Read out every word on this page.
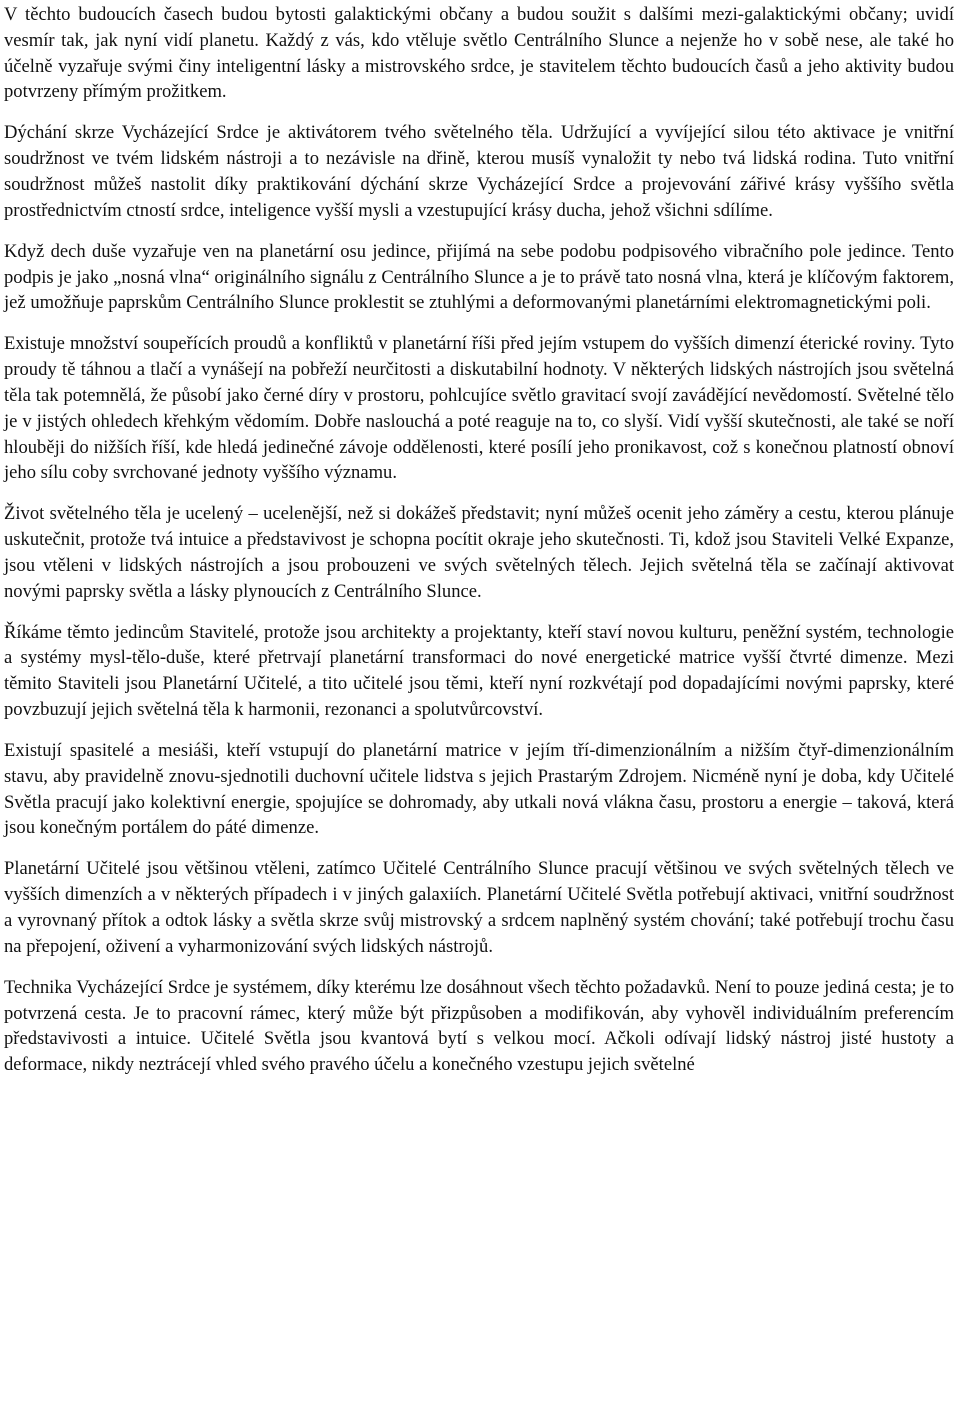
V těchto budoucích časech budou bytosti galaktickými občany a budou soužit s dalšími mezi-galaktickými občany; uvidí vesmír tak, jak nyní vidí planetu. Každý z vás, kdo vtěluje světlo Centrálního Slunce a nejenže ho v sobě nese, ale také ho účelně vyzařuje svými činy inteligentní lásky a mistrovského srdce, je stavitelem těchto budoucích časů a jeho aktivity budou potvrzeny přímým prožitkem.

Dýchání skrze Vycházející Srdce je aktivátorem tvého světelného těla. Udržující a vyvíjející silou této aktivace je vnitřní soudržnost ve tvém lidském nástroji a to nezávisle na dřině, kterou musíš vynaložit ty nebo tvá lidská rodina. Tuto vnitřní soudržnost můžeš nastolit díky praktikování dýchání skrze Vycházející Srdce a projevování zářivé krásy vyššího světla prostřednictvím ctností srdce, inteligence vyšší mysli a vzestupující krásy ducha, jehož všichni sdílíme.

Když dech duše vyzařuje ven na planetární osu jedince, přijímá na sebe podobu podpisového vibračního pole jedince. Tento podpis je jako „nosná vlna“ originálního signálu z Centrálního Slunce a je to právě tato nosná vlna, která je klíčovým faktorem, jež umožňuje paprskům Centrálního Slunce proklestit se ztuhlými a deformovanými planetárními elektromagnetickými poli.

Existuje množství soupeřících proudů a konfliktů v planetární říši před jejím vstupem do vyšších dimenzí éterické roviny. Tyto proudy tě táhnou a tlačí a vynášejí na pobřeží neurčitosti a diskutabilní hodnoty. V některých lidských nástrojích jsou světelná těla tak potemnělá, že působí jako černé díry v prostoru, pohlcujíce světlo gravitací svojí zavádějící nevědomostí. Světelné tělo je v jistých ohledech křehkým vědomím. Dobře naslouchá a poté reaguje na to, co slyší. Vidí vyšší skutečnosti, ale také se noří hlouběji do nižších říší, kde hledá jedinečné závoje oddělenosti, které posílí jeho pronikavost, což s konečnou platností obnoví jeho sílu coby svrchované jednoty vyššího významu.

Život světelného těla je ucelený – ucelenější, než si dokážeš představit; nyní můžeš ocenit jeho záměry a cestu, kterou plánuje uskutečnit, protože tvá intuice a představivost je schopna pocítit okraje jeho skutečnosti. Ti, kdož jsou Staviteli Velké Expanze, jsou vtěleni v lidských nástrojích a jsou probouzeni ve svých světelných tělech. Jejich světelná těla se začínají aktivovat novými paprsky světla a lásky plynoucích z Centrálního Slunce.

Říkáme těmto jedincům Stavitelé, protože jsou architekty a projektanty, kteří staví novou kulturu, peněžní systém, technologie a systémy mysl-tělo-duše, které přetrvají planetární transformaci do nové energetické matrice vyšší čtvrté dimenze. Mezi těmito Staviteli jsou Planetární Učitelé, a tito učitelé jsou těmi, kteří nyní rozkvétají pod dopadajícími novými paprsky, které povzbuzují jejich světelná těla k harmonii, rezonanci a spolutvůrcovství.

Existují spasitelé a mesiáši, kteří vstupují do planetární matrice v jejím tří-dimenzionálním a nižším čtyř-dimenzionálním stavu, aby pravidelně znovu-sjednotili duchovní učitele lidstva s jejich Prastarým Zdrojem. Nicméně nyní je doba, kdy Učitelé Světla pracují jako kolektivní energie, spojujíce se dohromady, aby utkali nová vlákna času, prostoru a energie – taková, která jsou konečným portálem do páté dimenze.

Planetární Učitelé jsou většinou vtěleni, zatímco Učitelé Centrálního Slunce pracují většinou ve svých světelných tělech ve vyšších dimenzích a v některých případech i v jiných galaxiích. Planetární Učitelé Světla potřebují aktivaci, vnitřní soudržnost a vyrovnaný přítok a odtok lásky a světla skrze svůj mistrovský a srdcem naplněný systém chování; také potřebují trochu času na přepojení, oživení a vyharmonizování svých lidských nástrojů.

Technika Vycházející Srdce je systémem, díky kterému lze dosáhnout všech těchto požadavků. Není to pouze jediná cesta; je to potvrzená cesta. Je to pracovní rámec, který může být přizpůsoben a modifikován, aby vyhověl individuálním preferencím představivosti a intuice. Učitelé Světla jsou kvantová bytí s velkou mocí. Ačkoli odívají lidský nástroj jisté hustoty a deformace, nikdy neztrácejí vhled svého pravého účelu a konečného vzestupu jejich světelné
